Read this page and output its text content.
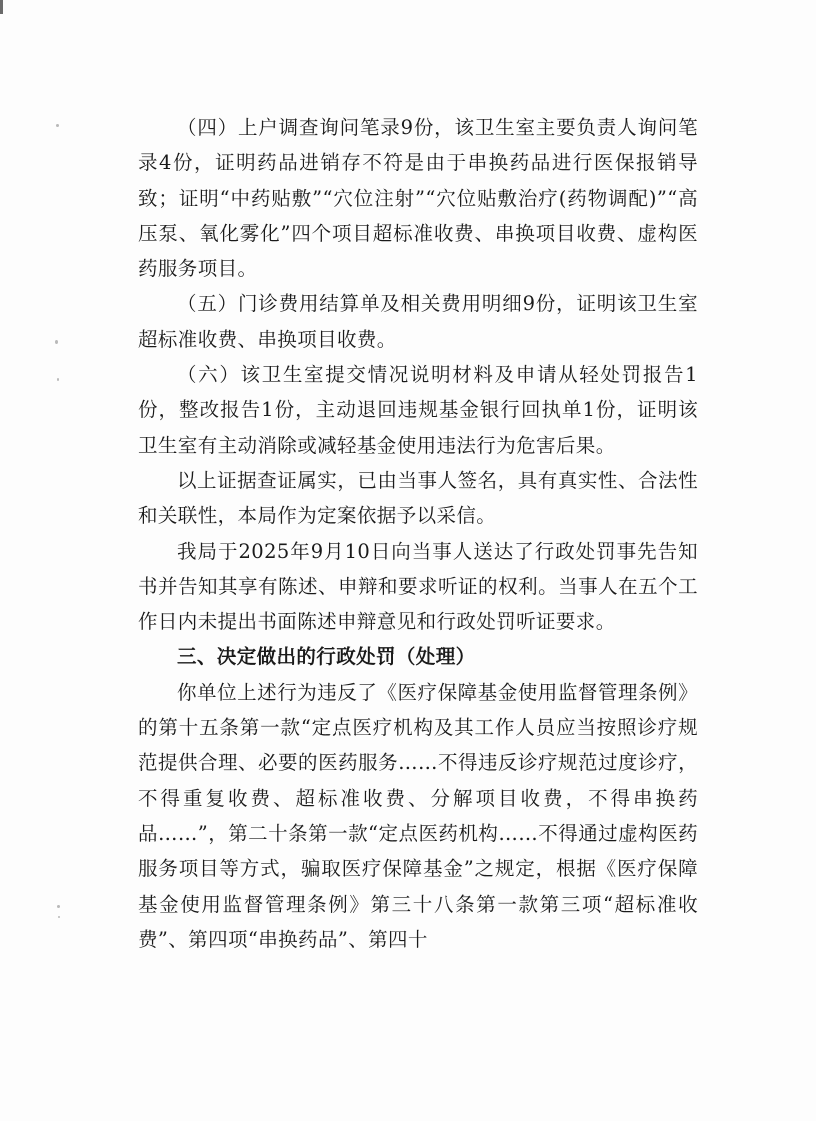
（四）上户调查询问笔录9份，该卫生室主要负责人询问笔录4份，证明药品进销存不符是由于串换药品进行医保报销导致；证明“中药贴敷”“穴位注射”“穴位贴敷治疗(药物调配)”“高压泵、氧化雾化”四个项目超标准收费、串换项目收费、虚构医药服务项目。

（五）门诊费用结算单及相关费用明细9份，证明该卫生室超标准收费、串换项目收费。

（六）该卫生室提交情况说明材料及申请从轻处罚报告1份，整改报告1份，主动退回违规基金银行回执单1份，证明该卫生室有主动消除或减轻基金使用违法行为危害后果。

以上证据查证属实，已由当事人签名，具有真实性、合法性和关联性，本局作为定案依据予以采信。

我局于2025年9月10日向当事人送达了行政处罚事先告知书并告知其享有陈述、申辩和要求听证的权利。当事人在五个工作日内未提出书面陈述申辩意见和行政处罚听证要求。

三、决定做出的行政处罚（处理）

你单位上述行为违反了《医疗保障基金使用监督管理条例》的第十五条第一款“定点医疗机构及其工作人员应当按照诊疗规范提供合理、必要的医药服务……不得违反诊疗规范过度诊疗，不得重复收费、超标准收费、分解项目收费，不得串换药品……”，第二十条第一款“定点医药机构……不得通过虚构医药服务项目等方式，骗取医疗保障基金”之规定，根据《医疗保障基金使用监督管理条例》第三十八条第一款第三项“超标准收费”、第四项“串换药品”、第四十
